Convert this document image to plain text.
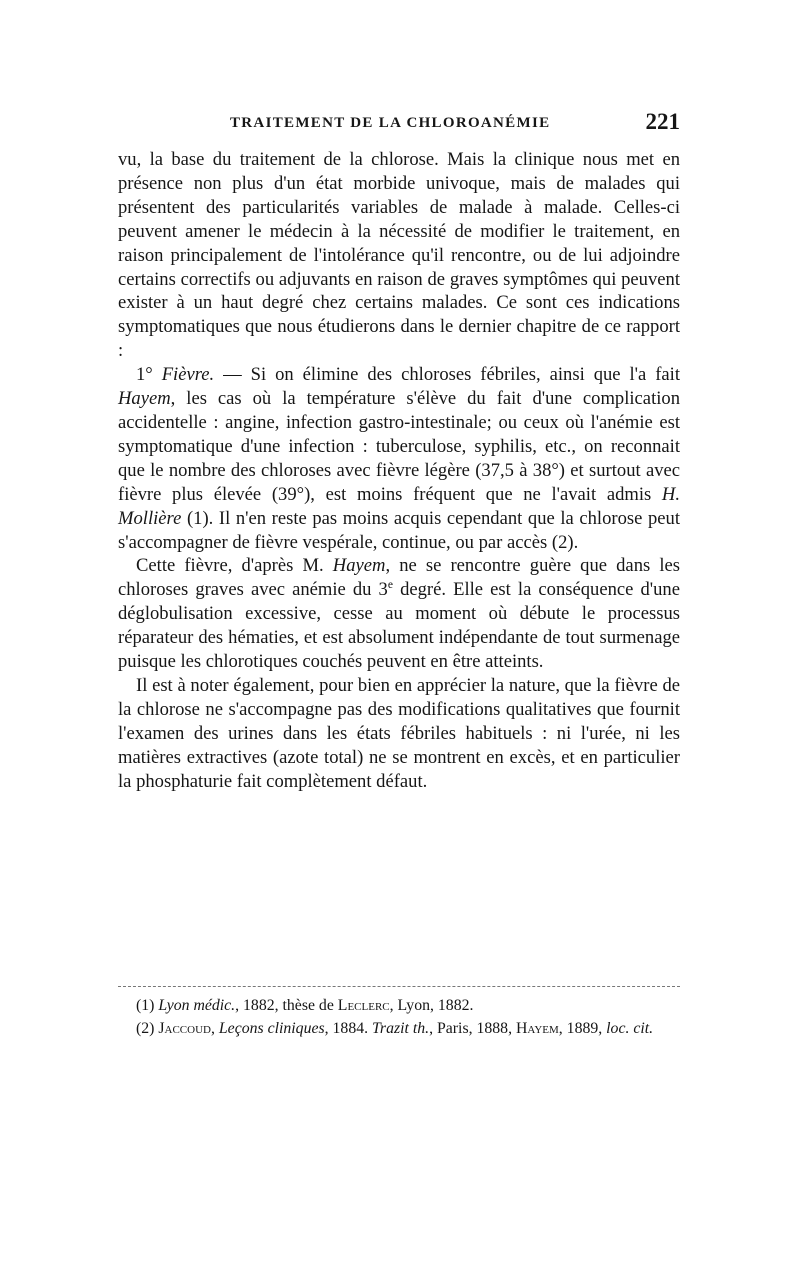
TRAITEMENT DE LA CHLOROANÉMIE	221

vu, la base du traitement de la chlorose. Mais la clinique nous met en présence non plus d'un état morbide univoque, mais de malades qui présentent des particularités variables de malade à malade. Celles-ci peuvent amener le médecin à la nécessité de modifier le traitement, en raison principalement de l'intolérance qu'il rencontre, ou de lui adjoindre certains correctifs ou adjuvants en raison de graves symptômes qui peuvent exister à un haut degré chez certains malades. Ce sont ces indications symptomatiques que nous étudierons dans le dernier chapitre de ce rapport :

1° Fièvre. — Si on élimine des chloroses fébriles, ainsi que l'a fait Hayem, les cas où la température s'élève du fait d'une complication accidentelle : angine, infection gastro-intestinale; ou ceux où l'anémie est symptomatique d'une infection : tuberculose, syphilis, etc., on reconnait que le nombre des chloroses avec fièvre légère (37,5 à 38°) et surtout avec fièvre plus élevée (39°), est moins fréquent que ne l'avait admis H. Mollière (1). Il n'en reste pas moins acquis cependant que la chlorose peut s'accompagner de fièvre vespérale, continue, ou par accès (2).

Cette fièvre, d'après M. Hayem, ne se rencontre guère que dans les chloroses graves avec anémie du 3e degré. Elle est la conséquence d'une déglobulisation excessive, cesse au moment où débute le processus réparateur des hématies, et est absolument indépendante de tout surmenage puisque les chlorotiques couchés peuvent en être atteints.

Il est à noter également, pour bien en apprécier la nature, que la fièvre de la chlorose ne s'accompagne pas des modifications qualitatives que fournit l'examen des urines dans les états fébriles habituels : ni l'urée, ni les matières extractives (azote total) ne se montrent en excès, et en particulier la phosphaturie fait complètement défaut.

(1) Lyon médic., 1882, thèse de Leclerc, Lyon, 1882.

(2) Jaccoud, Leçons cliniques, 1884. Trazit th., Paris, 1888, Hayem, 1889, loc. cit.
